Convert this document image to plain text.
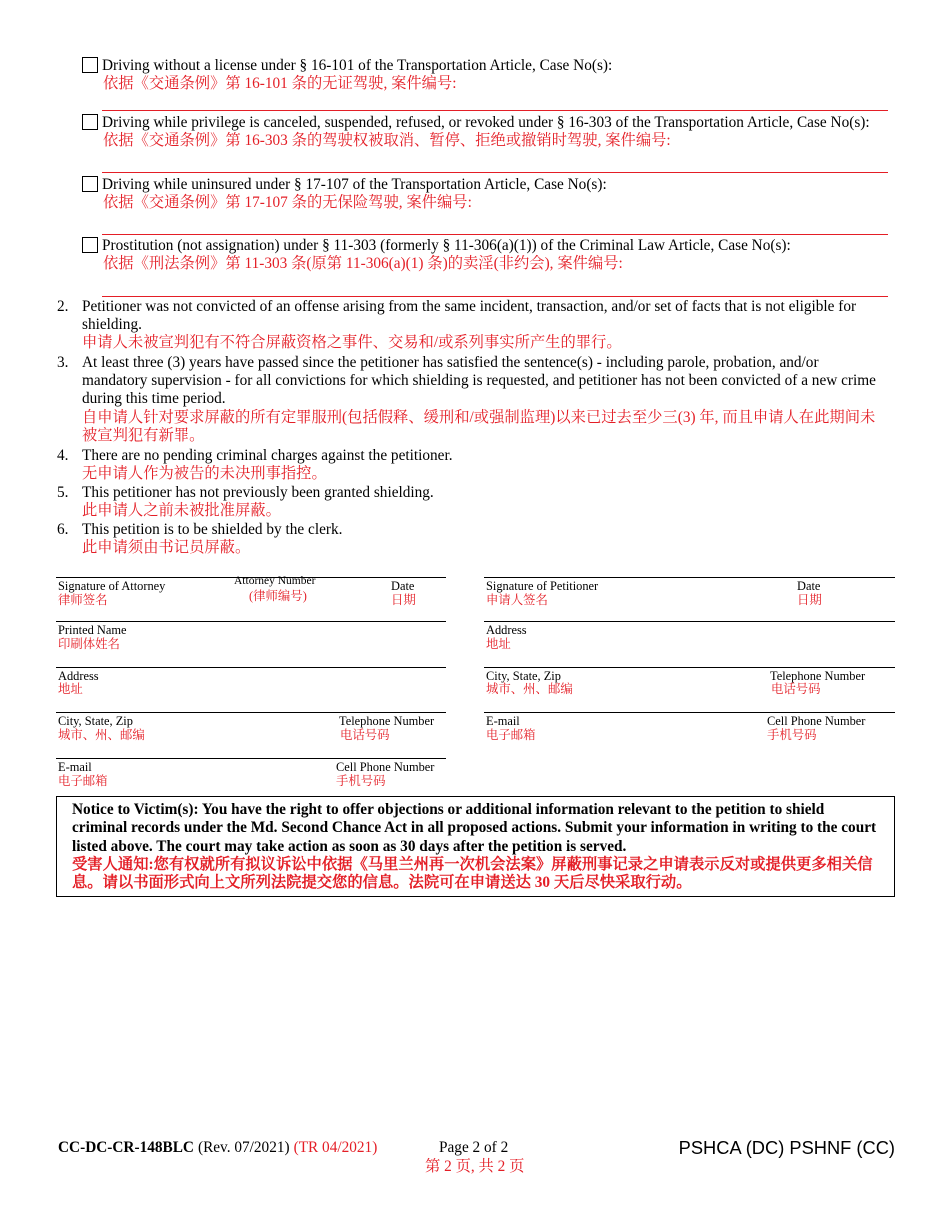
Driving without a license under § 16-101 of the Transportation Article, Case No(s):
依据《交通条例》第 16-101 条的无证驾驶, 案件编号:
Driving while privilege is canceled, suspended, refused, or revoked under § 16-303 of the Transportation Article, Case No(s):
依据《交通条例》第 16-303 条的驾驶权被取消、暂停、拒绝或撤销时驾驶, 案件编号:
Driving while uninsured under § 17-107 of the Transportation Article, Case No(s):
依据《交通条例》第 17-107 条的无保险驾驶, 案件编号:
Prostitution (not assignation) under § 11-303 (formerly § 11-306(a)(1)) of the Criminal Law Article, Case No(s):
依据《刑法条例》第 11-303 条(原第 11-306(a)(1) 条)的卖淫(非约会), 案件编号:
2. Petitioner was not convicted of an offense arising from the same incident, transaction, and/or set of facts that is not eligible for
shielding.
申请人未被宣判犯有不符合屏蔽资格之事件、交易和/或系列事实所产生的罪行。
3. At least three (3) years have passed since the petitioner has satisfied the sentence(s) - including parole, probation, and/or
mandatory supervision - for all convictions for which shielding is requested, and petitioner has not been convicted of a new crime
during this time period.
自申请人针对要求屏蔽的所有定罪服刑(包括假释、缓刑和/或强制监理)以来已过去至少三(3) 年, 而且申请人在此期间未
被宣判犯有新罪。
4. There are no pending criminal charges against the petitioner.
无申请人作为被告的未决刑事指控。
5. This petitioner has not previously been granted shielding.
此申请人之前未被批准屏蔽。
6. This petition is to be shielded by the clerk.
此申请须由书记员屏蔽。
Signature of Attorney
律师签名
Attorney Number
(律师编号)
Date
日期
Printed Name
印刷体姓名
Address
地址
City, State, Zip
城市、州、邮编
Telephone Number
电话号码
E-mail
电子邮箱
Cell Phone Number
手机号码
Signature of Petitioner
申请人签名
Date
日期
Address
地址
City, State, Zip
城市、州、邮编
Telephone Number
电话号码
E-mail
电子邮箱
Cell Phone Number
手机号码
Notice to Victim(s): You have the right to offer objections or additional information relevant to the petition to shield
criminal records under the Md. Second Chance Act in all proposed actions. Submit your information in writing to the court
listed above. The court may take action as soon as 30 days after the petition is served.
受害人通知:您有权就所有拟议诉讼中依据《马里兰州再一次机会法案》屏蔽刑事记录之申请表示反对或提供更多相关信
息。请以书面形式向上文所列法院提交您的信息。法院可在申请送达 30 天后尽快采取行动。
CC-DC-CR-148BLC (Rev. 07/2021) (TR 04/2021)	Page 2 of 2
第 2 页, 共 2 页
PSHCA (DC) PSHNF (CC)
